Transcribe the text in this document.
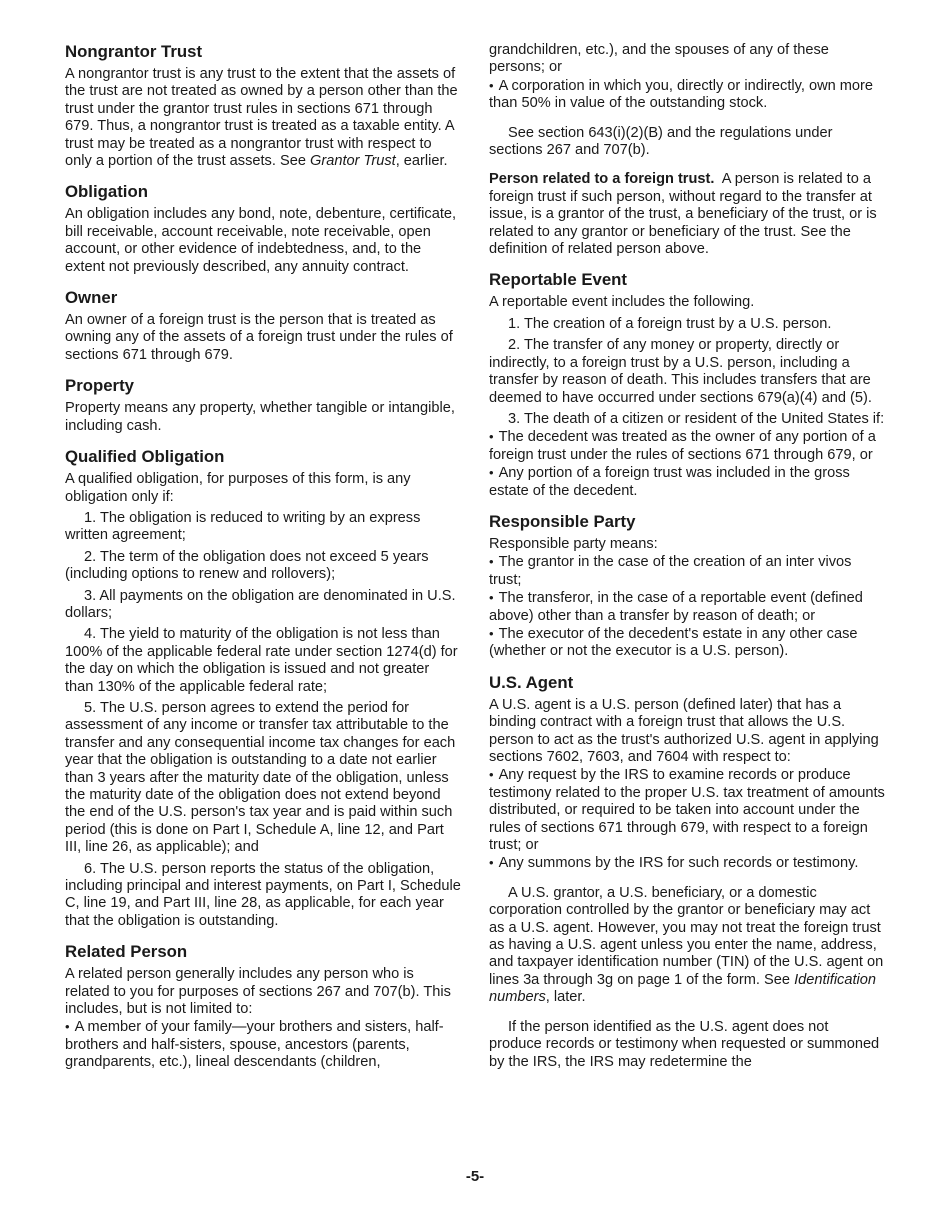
Nongrantor Trust

A nongrantor trust is any trust to the extent that the assets of the trust are not treated as owned by a person other than the trust under the grantor trust rules in sections 671 through 679. Thus, a nongrantor trust is treated as a taxable entity. A trust may be treated as a nongrantor trust with respect to only a portion of the trust assets. See Grantor Trust, earlier.

Obligation

An obligation includes any bond, note, debenture, certificate, bill receivable, account receivable, note receivable, open account, or other evidence of indebtedness, and, to the extent not previously described, any annuity contract.

Owner

An owner of a foreign trust is the person that is treated as owning any of the assets of a foreign trust under the rules of sections 671 through 679.

Property

Property means any property, whether tangible or intangible, including cash.

Qualified Obligation

A qualified obligation, for purposes of this form, is any obligation only if:

1. The obligation is reduced to writing by an express written agreement;

2. The term of the obligation does not exceed 5 years (including options to renew and rollovers);

3. All payments on the obligation are denominated in U.S. dollars;

4. The yield to maturity of the obligation is not less than 100% of the applicable federal rate under section 1274(d) for the day on which the obligation is issued and not greater than 130% of the applicable federal rate;

5. The U.S. person agrees to extend the period for assessment of any income or transfer tax attributable to the transfer and any consequential income tax changes for each year that the obligation is outstanding to a date not earlier than 3 years after the maturity date of the obligation, unless the maturity date of the obligation does not extend beyond the end of the U.S. person's tax year and is paid within such period (this is done on Part I, Schedule A, line 12, and Part III, line 26, as applicable); and

6. The U.S. person reports the status of the obligation, including principal and interest payments, on Part I, Schedule C, line 19, and Part III, line 28, as applicable, for each year that the obligation is outstanding.

Related Person

A related person generally includes any person who is related to you for purposes of sections 267 and 707(b). This includes, but is not limited to:

• A member of your family—your brothers and sisters, half-brothers and half-sisters, spouse, ancestors (parents, grandparents, etc.), lineal descendants (children,

grandchildren, etc.), and the spouses of any of these persons; or

• A corporation in which you, directly or indirectly, own more than 50% in value of the outstanding stock.

See section 643(i)(2)(B) and the regulations under sections 267 and 707(b).

Person related to a foreign trust. A person is related to a foreign trust if such person, without regard to the transfer at issue, is a grantor of the trust, a beneficiary of the trust, or is related to any grantor or beneficiary of the trust. See the definition of related person above.

Reportable Event

A reportable event includes the following.

1. The creation of a foreign trust by a U.S. person.

2. The transfer of any money or property, directly or indirectly, to a foreign trust by a U.S. person, including a transfer by reason of death. This includes transfers that are deemed to have occurred under sections 679(a)(4) and (5).

3. The death of a citizen or resident of the United States if:

• The decedent was treated as the owner of any portion of a foreign trust under the rules of sections 671 through 679, or

• Any portion of a foreign trust was included in the gross estate of the decedent.

Responsible Party

Responsible party means:

• The grantor in the case of the creation of an inter vivos trust;

• The transferor, in the case of a reportable event (defined above) other than a transfer by reason of death; or

• The executor of the decedent's estate in any other case (whether or not the executor is a U.S. person).

U.S. Agent

A U.S. agent is a U.S. person (defined later) that has a binding contract with a foreign trust that allows the U.S. person to act as the trust's authorized U.S. agent in applying sections 7602, 7603, and 7604 with respect to:

• Any request by the IRS to examine records or produce testimony related to the proper U.S. tax treatment of amounts distributed, or required to be taken into account under the rules of sections 671 through 679, with respect to a foreign trust; or

• Any summons by the IRS for such records or testimony.

A U.S. grantor, a U.S. beneficiary, or a domestic corporation controlled by the grantor or beneficiary may act as a U.S. agent. However, you may not treat the foreign trust as having a U.S. agent unless you enter the name, address, and taxpayer identification number (TIN) of the U.S. agent on lines 3a through 3g on page 1 of the form. See Identification numbers, later.

If the person identified as the U.S. agent does not produce records or testimony when requested or summoned by the IRS, the IRS may redetermine the

-5-
